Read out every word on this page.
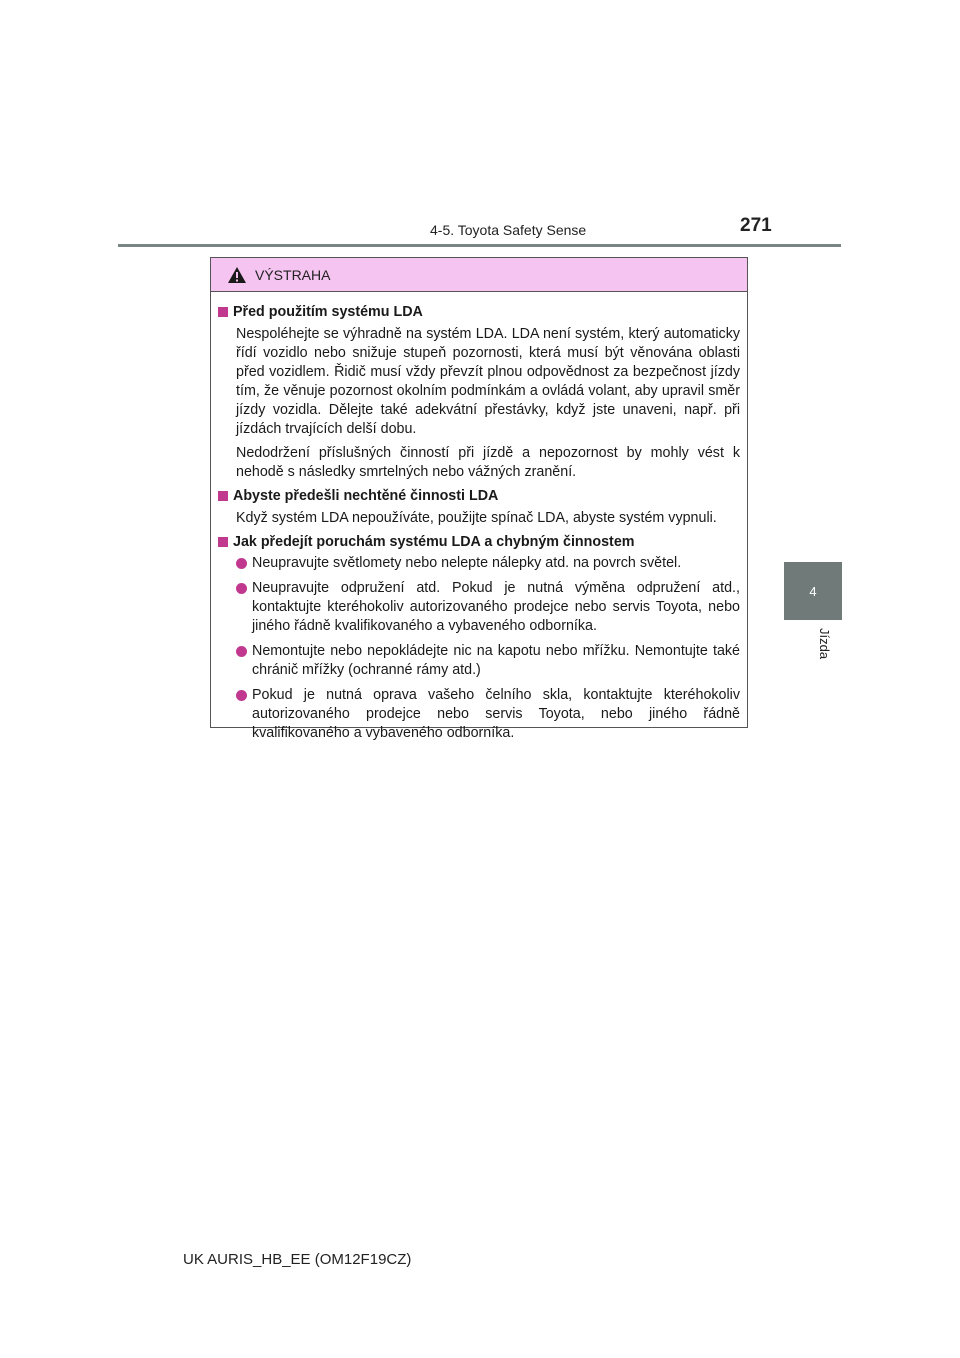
4-5. Toyota Safety Sense	271
4
Jízda
VÝSTRAHA
Před použitím systému LDA
Nespoléhejte se výhradně na systém LDA. LDA není systém, který automaticky řídí vozidlo nebo snižuje stupeň pozornosti, která musí být věnována oblasti před vozidlem. Řidič musí vždy převzít plnou odpovědnost za bezpečnost jízdy tím, že věnuje pozornost okolním podmínkám a ovládá volant, aby upravil směr jízdy vozidla. Dělejte také adekvátní přestávky, když jste unaveni, např. při jízdách trvajících delší dobu.
Nedodržení příslušných činností při jízdě a nepozornost by mohly vést k nehodě s následky smrtelných nebo vážných zranění.
Abyste předešli nechtěné činnosti LDA
Když systém LDA nepoužíváte, použijte spínač LDA, abyste systém vypnuli.
Jak předejít poruchám systému LDA a chybným činnostem
Neupravujte světlomety nebo nelepte nálepky atd. na povrch světel.
Neupravujte odpružení atd. Pokud je nutná výměna odpružení atd., kontaktujte kteréhokoliv autorizovaného prodejce nebo servis Toyota, nebo jiného řádně kvalifikovaného a vybaveného odborníka.
Nemontujte nebo nepokládejte nic na kapotu nebo mřížku. Nemontujte také chránič mřížky (ochranné rámy atd.)
Pokud je nutná oprava vašeho čelního skla, kontaktujte kteréhokoliv autorizovaného prodejce nebo servis Toyota, nebo jiného řádně kvalifikovaného a vybaveného odborníka.
UK AURIS_HB_EE (OM12F19CZ)
